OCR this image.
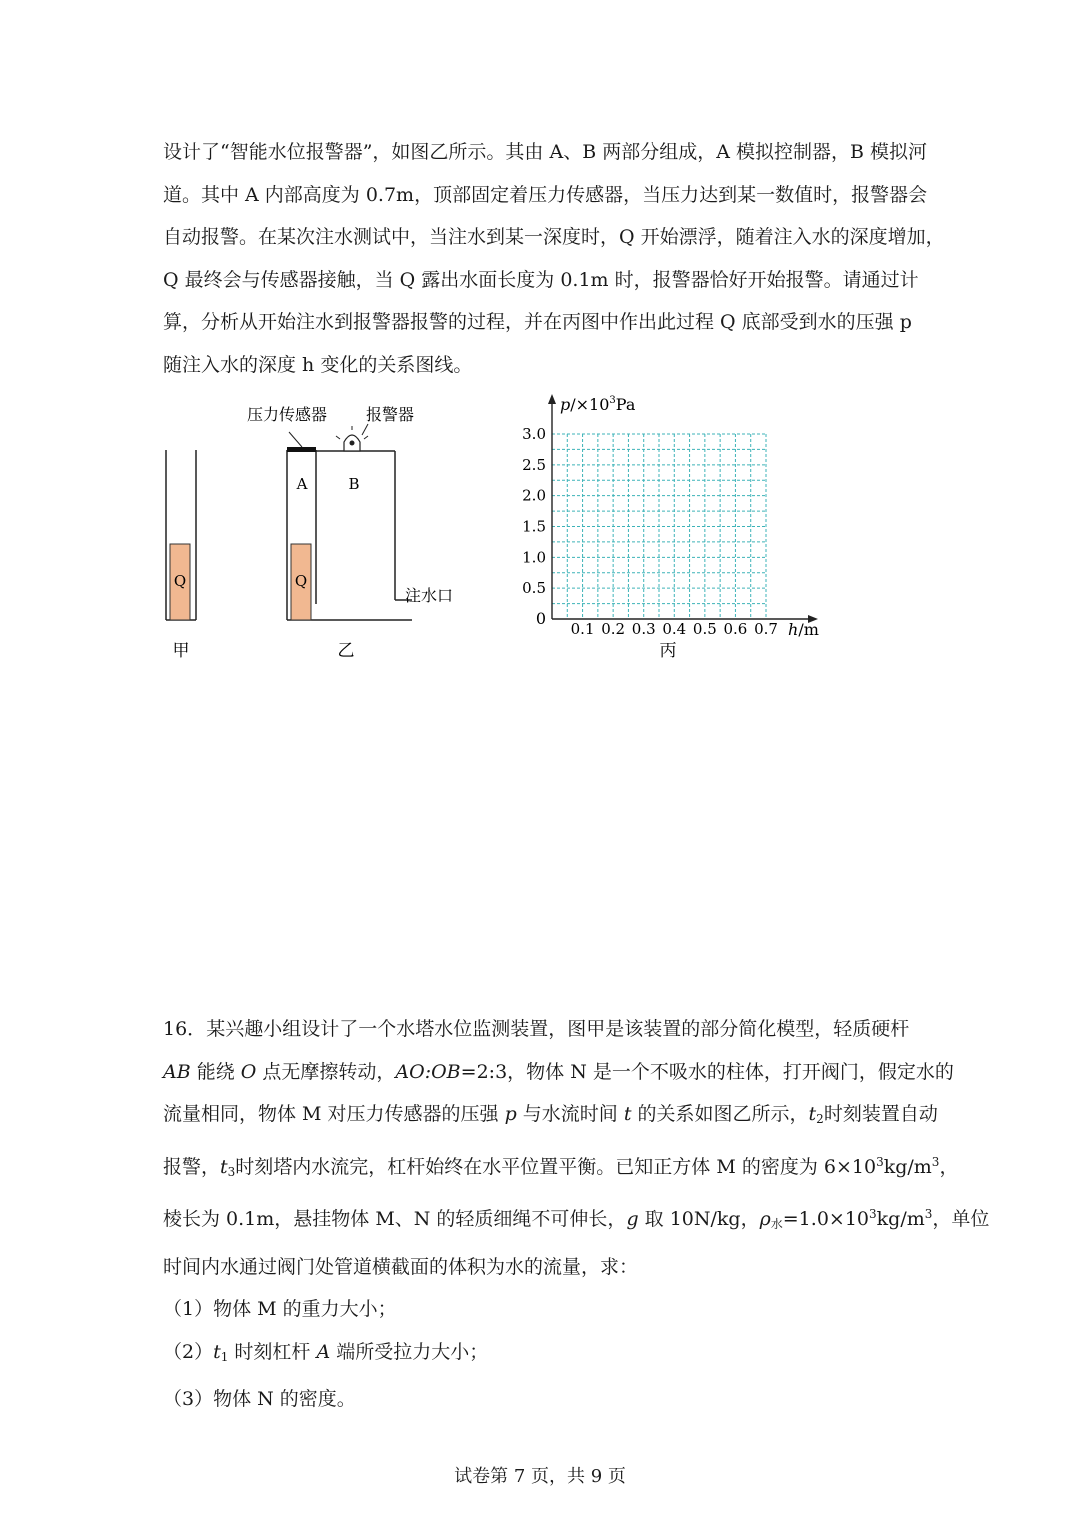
设计了“智能水位报警器”，如图乙所示。其由 A、B 两部分组成，A 模拟控制器，B 模拟河
道。其中 A 内部高度为 0.7m，顶部固定着压力传感器，当压力达到某一数值时，报警器会
自动报警。在某次注水测试中，当注水到某一深度时，Q 开始漂浮，随着注入水的深度增加，
Q 最终会与传感器接触，当 Q 露出水面长度为 0.1m 时，报警器恰好开始报警。请通过计
算，分析从开始注水到报警器报警的过程，并在丙图中作出此过程 Q 底部受到水的压强 p
随注入水的深度 h 变化的关系图线。
Q
甲
压力传感器 报警器
A	B
Q
注水口
乙
$p/\times 10^3Pa$
h/m
0
0.1 0.2 0.3 0.4 0.5 0.6 0.7
0.5
1.0
1.5
2.0
2.5
3.0
丙
16．某兴趣小组设计了一个水塔水位监测装置，图甲是该装置的部分简化模型，轻质硬杆
AB 能绕 O 点无摩擦转动，AO:OB=2:3，物体 N 是一个不吸水的柱体，打开阀门，假定水的
流量相同，物体 M 对压力传感器的压强 p 与水流时间 t 的关系如图乙所示，$t_2$时刻装置自动
报警，$t_3$时刻塔内水流完，杠杆始终在水平位置平衡。已知正方体 M 的密度为 $6\times 10^3kg/m^3$，
棱长为 0.1m，悬挂物体 M、N 的轻质细绳不可伸长，g 取 10N/kg，$\rho_水=1.0\times 10^3kg/m^3$，单位
时间内水通过阀门处管道横截面的体积为水的流量，求：
（1）物体 M 的重力大小；
$(2)t_1$ 时刻杠杆 A 端所受拉力大小；
（3）物体 N 的密度。
试卷第 7 页，共 9 页
